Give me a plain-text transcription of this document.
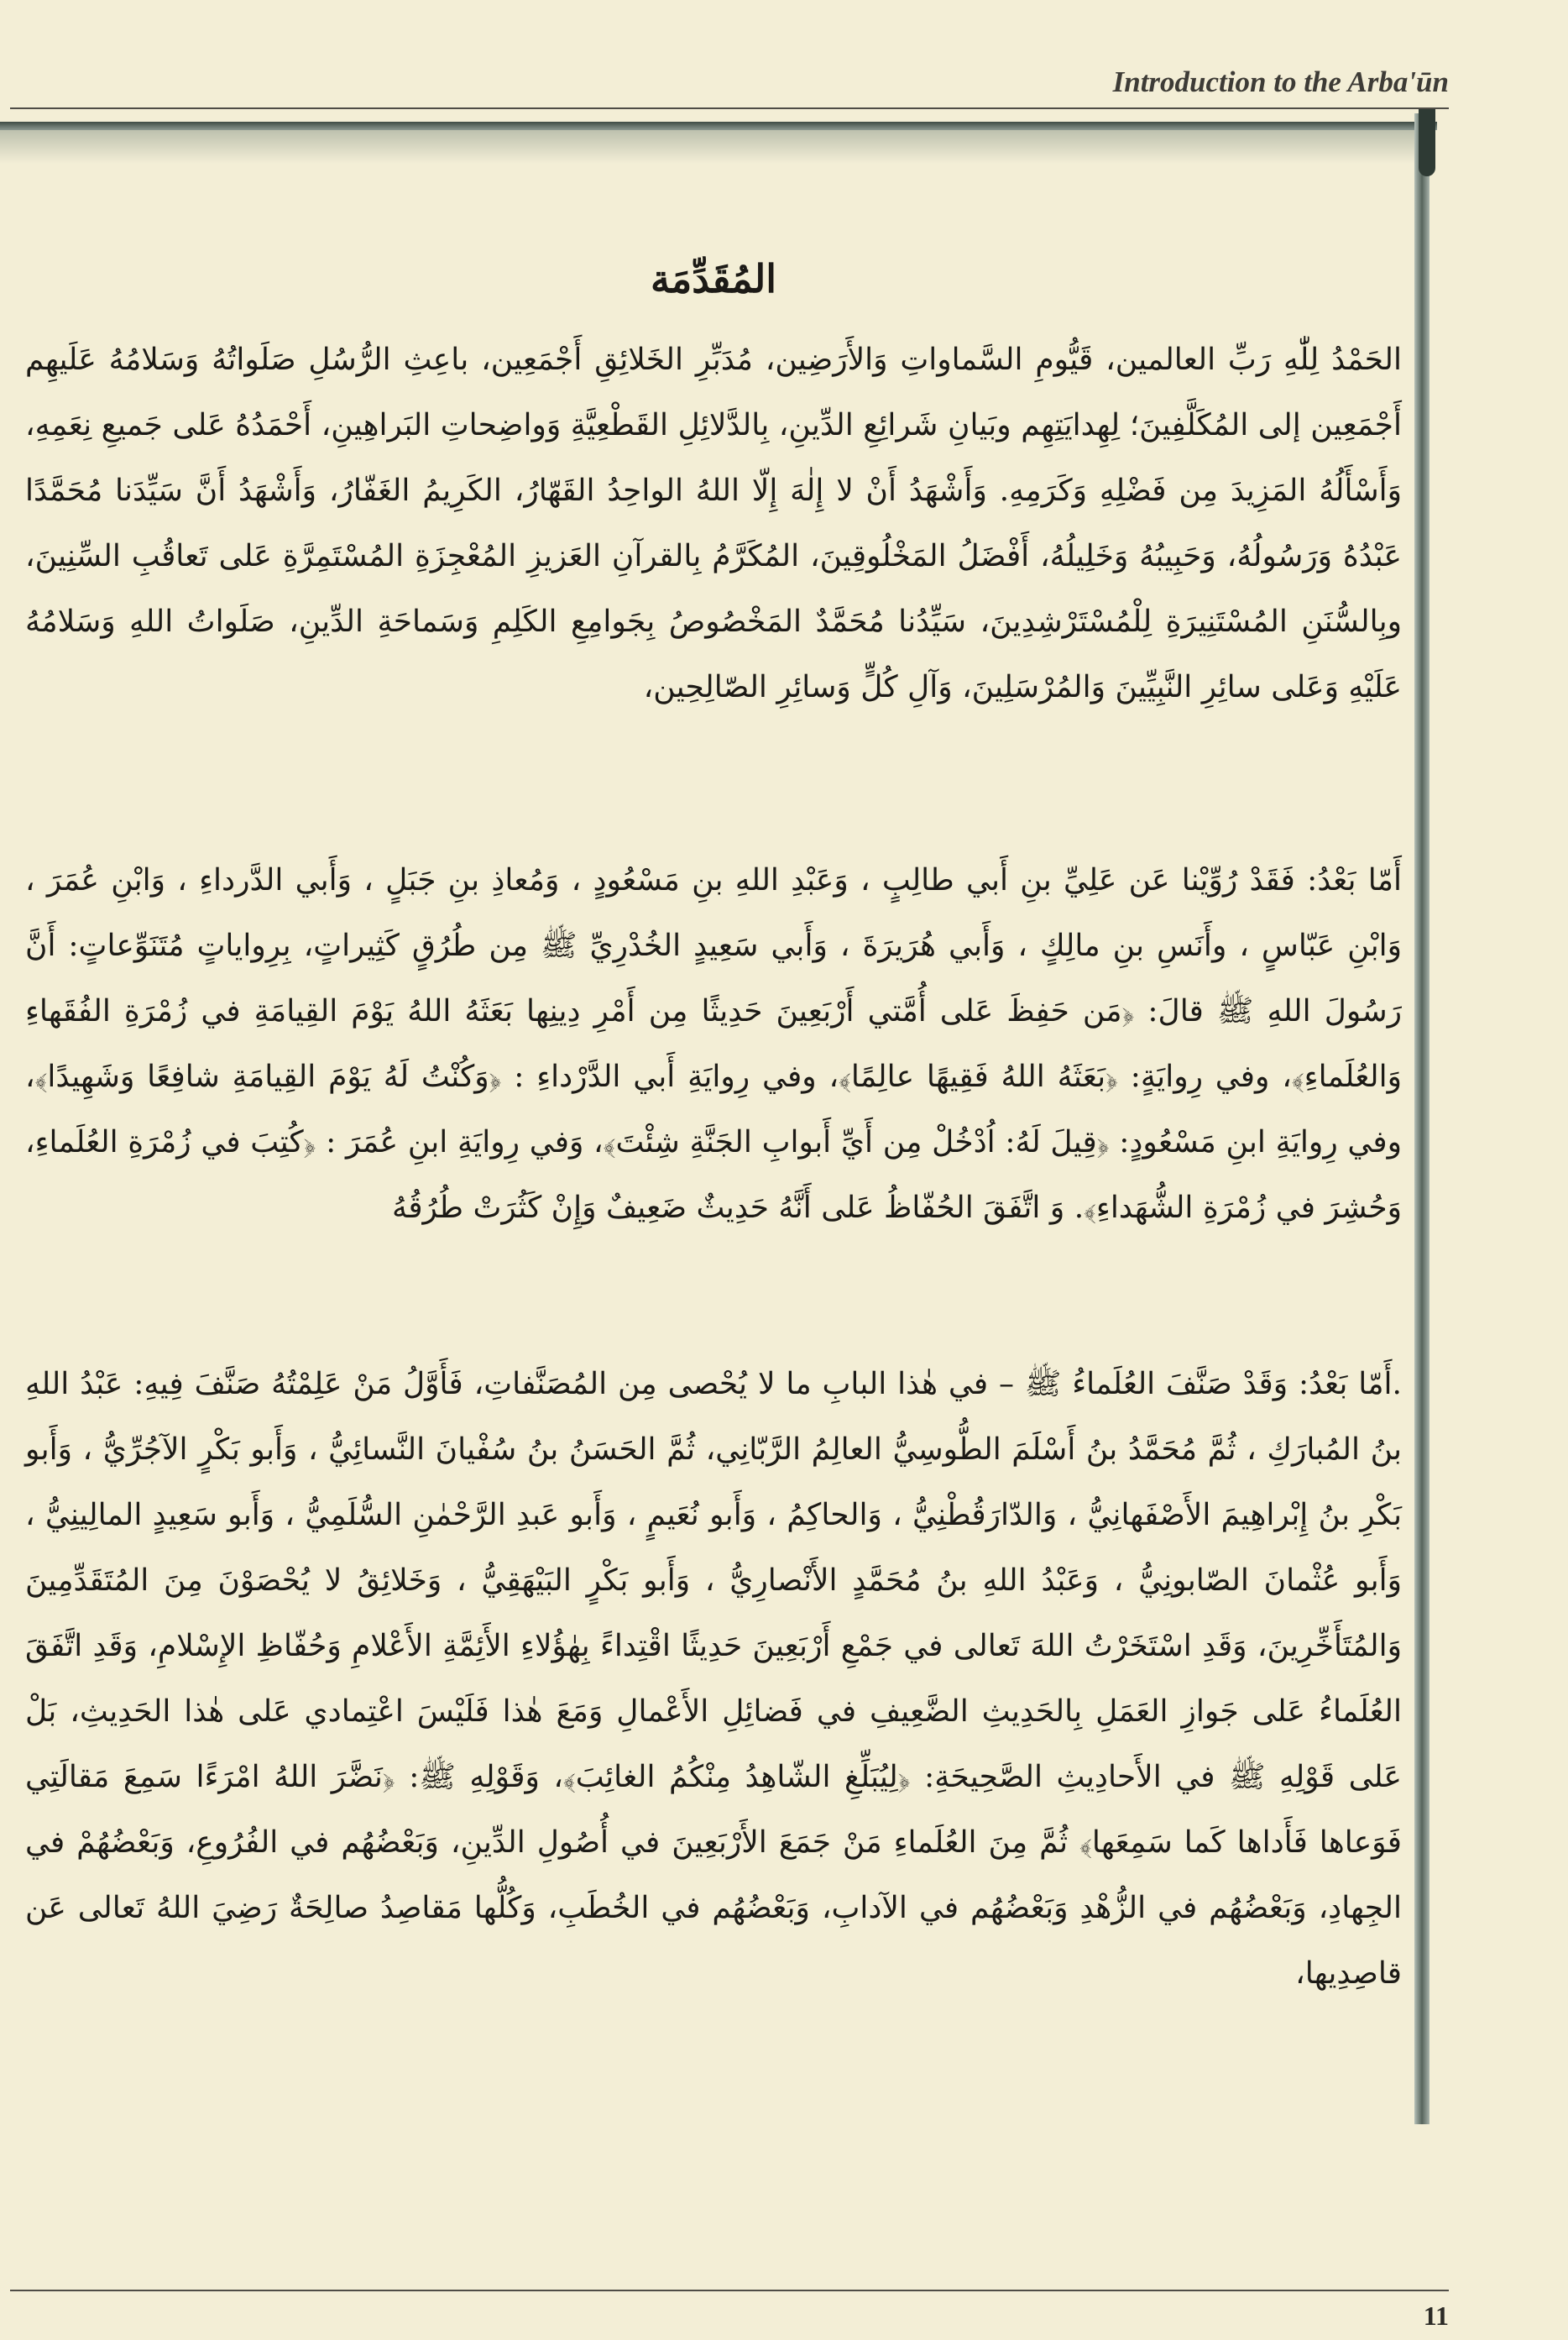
Introduction to the Arba'ūn
المُقَدِّمَة
الحَمْدُ لِلّٰهِ رَبِّ العالمين، قَيُّومِ السَّماواتِ وَالأَرَضِين، مُدَبِّرِ الخَلائِقِ أَجْمَعِين، باعِثِ الرُّسُلِ صَلَواتُهُ وَسَلامُهُ عَلَيهِم أَجْمَعِين إلى المُكَلَّفِينَ؛ لِهِدايَتِهِم وبَيانِ شَرائِعِ الدِّينِ، بِالدَّلائِلِ القَطْعِيَّةِ وَواضِحاتِ البَراهِينِ، أَحْمَدُهُ عَلى جَميعِ نِعَمِهِ، وَأَسْأَلُهُ المَزِيدَ مِن فَضْلِهِ وَكَرَمِهِ. وَأَشْهَدُ أَنْ لا إِلٰهَ إِلّا اللهُ الواحِدُ القَهّارُ، الكَرِيمُ الغَفّارُ، وَأَشْهَدُ أَنَّ سَيِّدَنا مُحَمَّدًا عَبْدُهُ وَرَسُولُهُ، وَحَبِيبُهُ وَخَلِيلُهُ، أَفْضَلُ المَخْلُوقِينَ، المُكَرَّمُ بِالقرآنِ العَزيزِ المُعْجِزَةِ المُسْتَمِرَّةِ عَلى تَعاقُبِ السِّنِينَ، وبِالسُّنَنِ المُسْتَنِيرَةِ لِلْمُسْتَرْشِدِينَ، سَيِّدُنا مُحَمَّدٌ المَخْصُوصُ بِجَوامِعِ الكَلِمِ وَسَماحَةِ الدِّينِ، صَلَواتُ اللهِ وَسَلامُهُ عَلَيْهِ وَعَلى سائِرِ النَّبِيِّينَ وَالمُرْسَلِينَ، وَآلِ كُلٍّ وَسائِرِ الصّالِحِين،
أَمّا بَعْدُ: فَقَدْ رُوِّيْنا عَن عَلِيِّ بنِ أَبي طالِبٍ ، وَعَبْدِ اللهِ بنِ مَسْعُودٍ ، وَمُعاذِ بنِ جَبَلٍ ، وَأَبي الدَّرداءِ ، وَابْنِ عُمَرَ ، وَابْنِ عَبّاسٍ ، وأَنَسِ بنِ مالِكٍ ، وَأَبي هُرَيرَةَ ، وَأَبي سَعِيدٍ الخُدْرِيِّ ﷺ مِن طُرُقٍ كَثِيراتٍ، بِرِواياتٍ مُتَنَوِّعاتٍ: أَنَّ رَسُولَ اللهِ ﷺ قالَ: ﴿مَن حَفِظَ عَلى أُمَّتي أَرْبَعِينَ حَدِيثًا مِن أَمْرِ دِينِها بَعَثَهُ اللهُ يَوْمَ القِيامَةِ في زُمْرَةِ الفُقَهاءِ وَالعُلَماءِ﴾، وفي رِوايَةٍ: ﴿بَعَثَهُ اللهُ فَقِيهًا عالِمًا﴾، وفي رِوايَةِ أَبي الدَّرْداءِ : ﴿وَكُنْتُ لَهُ يَوْمَ القِيامَةِ شافِعًا وَشَهِيدًا﴾، وفي رِوايَةِ ابنِ مَسْعُودٍ: ﴿قِيلَ لَهُ: اُدْخُلْ مِن أَيِّ أَبوابِ الجَنَّةِ شِئْتَ﴾، وَفي رِوايَةِ ابنِ عُمَرَ : ﴿كُتِبَ في زُمْرَةِ العُلَماءِ، وَحُشِرَ في زُمْرَةِ الشُّهَداءِ﴾. وَ اتَّفَقَ الحُفّاظُ عَلى أَنَّهُ حَدِيثٌ ضَعِيفٌ وَإِنْ كَثُرَتْ طُرُقُهُ
.أَمّا بَعْدُ: وَقَدْ صَنَّفَ العُلَماءُ ﷺ – في هٰذا البابِ ما لا يُحْصى مِن المُصَنَّفاتِ، فَأَوَّلُ مَنْ عَلِمْتُهُ صَنَّفَ فِيهِ: عَبْدُ اللهِ بنُ المُبارَكِ ، ثُمَّ مُحَمَّدُ بنُ أَسْلَمَ الطُّوسِيُّ العالِمُ الرَّبّانِي، ثُمَّ الحَسَنُ بنُ سُفْيانَ النَّسائِيُّ ، وَأَبو بَكْرٍ الآجُرِّيُّ ، وَأَبو بَكْرِ بنُ إِبْراهِيمَ الأَصْفَهانِيُّ ، وَالدّارَقُطْنِيُّ ، وَالحاكِمُ ، وَأَبو نُعَيمٍ ، وَأَبو عَبدِ الرَّحْمٰنِ السُّلَمِيُّ ، وَأَبو سَعِيدٍ المالِينِيُّ ، وَأَبو عُثْمانَ الصّابونِيُّ ، وَعَبْدُ اللهِ بنُ مُحَمَّدٍ الأَنْصارِيُّ ، وَأَبو بَكْرٍ البَيْهَقِيُّ ، وَخَلائِقُ لا يُحْصَوْنَ مِنَ المُتَقَدِّمِينَ وَالمُتَأَخِّرِينَ، وَقَدِ اسْتَخَرْتُ اللهَ تَعالى في جَمْعِ أَرْبَعِينَ حَدِيثًا اقْتِداءً بِهٰؤُلاءِ الأَئِمَّةِ الأَعْلامِ وَحُفّاظِ الإِسْلامِ، وَقَدِ اتَّفَقَ العُلَماءُ عَلى جَوازِ العَمَلِ بِالحَدِيثِ الضَّعِيفِ في فَضائِلِ الأَعْمالِ وَمَعَ هٰذا فَلَيْسَ اعْتِمادي عَلى هٰذا الحَدِيثِ، بَلْ عَلى قَوْلِهِ ﷺ في الأَحادِيثِ الصَّحِيحَةِ: ﴿لِيُبَلِّغِ الشّاهِدُ مِنْكُمُ الغائِبَ﴾، وَقَوْلِهِ ﷺ: ﴿نَضَّرَ اللهُ امْرَءًا سَمِعَ مَقالَتِي فَوَعاها فَأَداها كَما سَمِعَها﴾ ثُمَّ مِنَ العُلَماءِ مَنْ جَمَعَ الأَرْبَعِينَ في أُصُولِ الدِّينِ، وَبَعْضُهُم في الفُرُوعِ، وَبَعْضُهُمْ في الجِهادِ، وَبَعْضُهُم في الزُّهْدِ وَبَعْضُهُم في الآدابِ، وَبَعْضُهُم في الخُطَبِ، وَكُلُّها مَقاصِدُ صالِحَةٌ رَضِيَ اللهُ تَعالى عَن قاصِدِيها،
11
